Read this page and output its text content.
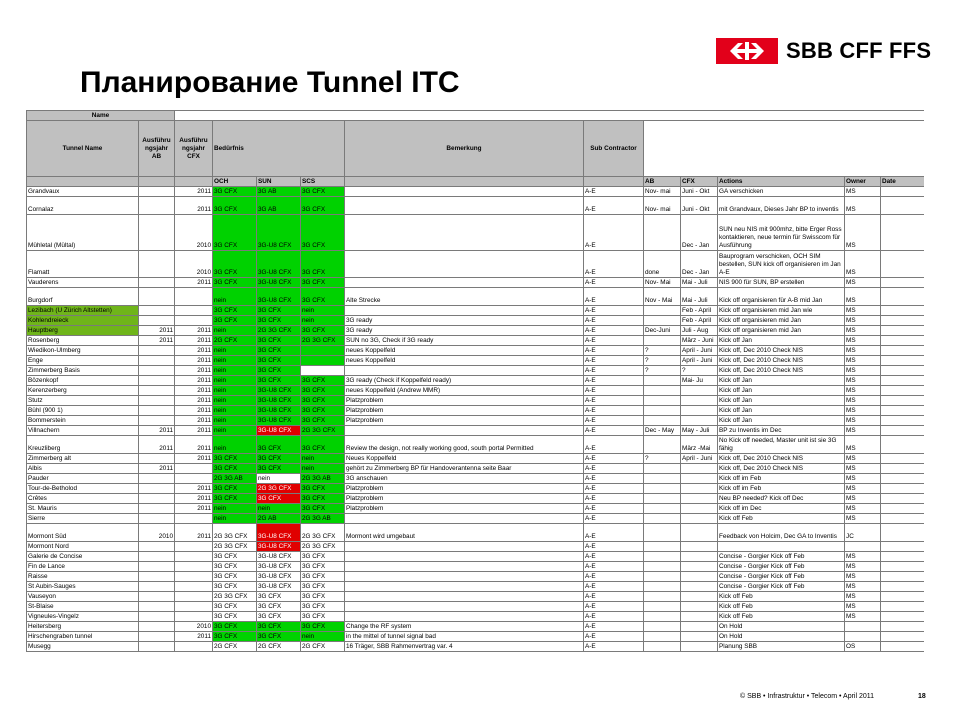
SBB CFF FFS
Планирование Tunnel ITC
Name												
Tunnel Name	Ausführu ngsjahr AB	Ausführu ngsjahr CFX	Bedürfnis			Bemerkung	Sub Contractor					
			OCH	SUN	SCS			AB	CFX	Actions	Owner	Date
Grandvaux		2011	3G CFX	3G AB	3G CFX		A-E	Nov- mai	Juni - Okt	GA verschicken	MS	
Cornalaz		2011	3G CFX	3G AB	3G CFX		A-E	Nov- mai	Juni - Okt	mit Grandvaux, Dieses Jahr BP to inventis	MS	
Mühletal (Mültal)		2010	3G CFX	3G-U8 CFX	3G CFX		A-E		Dec - Jan	SUN neu NIS mit 900mhz, bitte Erger Ross kontaktieren, neue termin für Swisscom für Ausführung	MS	
Flamatt		2010	3G CFX	3G-U8 CFX	3G CFX		A-E	done	Dec - Jan	Bauprogram verschicken, OCH SIM bestellen, SUN kick off organisieren im Jan A-E	MS	
Vauderens		2011	3G CFX	3G-U8 CFX	3G CFX		A-E	Nov- Mai	Mai - Juli	NIS 900 für SUN, BP erstellen	MS	
Burgdorf			nein	3G-U8 CFX	3G CFX	Alte Strecke	A-E	Nov - Mai	Mai - Juli	Kick off organisieren für A-B mid Jan	MS	
Lezibach (U Zürich Altstetten)			3G CFX	3G CFX	nein		A-E		Feb - April	Kick off organisieren mid Jan wie	MS	
Kohlendreieck			3G CFX	3G CFX	nein	3G ready	A-E		Feb - April	Kick off organisieren mid Jan	MS	
Hauptberg	2011	2011	nein	2G 3G CFX	3G CFX	3G ready	A-E	Dec-Juni	Juli - Aug	Kick off organisieren mid Jan	MS	
Rosenberg	2011	2011	2G CFX	3G CFX	2G 3G CFX	SUN no 3G, Check if 3G ready	A-E		März - Juni	Kick off Jan	MS	
Wiedikon-Ulmberg		2011	nein	3G CFX		neues Koppelfeld	A-E	?	April - Juni	Kick off, Dec 2010 Check NIS	MS	
Enge		2011	nein	3G CFX		neues Koppelfeld	A-E	?	April - Juni	Kick off, Dec 2010 Check NIS	MS	
Zimmerberg Basis		2011	nein	3G CFX			A-E	?	?	Kick off, Dec 2010 Check NIS	MS	
Bözenkopf		2011	nein	3G CFX	3G CFX	3G ready (Check if Koppelfeld ready)	A-E		Mai- Ju	Kick off Jan	MS	
Kerenzerberg		2011	nein	3G-U8 CFX	3G CFX	neues Koppelfeld (Andrew MMR)	A-E			Kick off Jan	MS	
Stutz		2011	nein	3G-U8 CFX	3G CFX	Platzproblem	A-E			Kick off Jan	MS	
Bühl (900 1)		2011	nein	3G-U8 CFX	3G CFX	Platzproblem	A-E			Kick off Jan	MS	
Bommerstein		2011	nein	3G-U8 CFX	3G CFX	Platzproblem	A-E			Kick off Jan	MS	
Villnachern	2011	2011	nein	3G-U8 CFX	2G 3G CFX		A-E	Dec - May	May - Juli	BP zu Inventis im Dec	MS	
Kreuzliberg	2011	2011	nein	3G CFX	3G CFX	Review the design, not really working good, south portal Permitted	A-E		März -Mai	No Kick off needed, Master unit ist sie 3G fähig	MS	
Zimmerberg alt		2011	3G CFX	3G CFX	nein	Neues Koppelfeld	A-E	?	April - Juni	Kick off, Dec 2010 Check NIS	MS	
Albis	2011		3G CFX	3G CFX	nein	gehört zu Zimmerberg BP für Handoverantenna seite Baar	A-E			Kick off, Dec 2010 Check NIS	MS	
Pauder			2G 3G AB	nein	2G 3G AB	3G anschauen	A-E			Kick off im Feb	MS	
Tour-de-Betholod		2011	3G CFX	2G 3G CFX	3G CFX	Platzproblem	A-E			Kick off im Feb	MS	
Crêtes		2011	3G CFX	3G CFX	3G CFX	Platzproblem	A-E			Neu BP needed? Kick off Dec	MS	
St. Mauris		2011	nein	nein	3G CFX	Platzproblem	A-E			Kick off im Dec	MS	
Sierre			nein	2G AB	2G 3G AB		A-E			Kick off Feb	MS	
Mormont Süd	2010	2011	2G 3G CFX	3G-U8 CFX	2G 3G CFX	Mormont wird umgebaut	A-E			Feedback von Holcim, Dec GA to Inventis	JC	
Mormont Nord			2G 3G CFX	3G-U8 CFX	2G 3G CFX		A-E					
Galerie de Concise			3G CFX	3G-U8 CFX	3G CFX		A-E			Concise - Gorgier Kick off Feb	MS	
Fin de Lance			3G CFX	3G-U8 CFX	3G CFX		A-E			Concise - Gorgier Kick off Feb	MS	
Raisse			3G CFX	3G-U8 CFX	3G CFX		A-E			Concise - Gorgier Kick off Feb	MS	
St Aubin-Sauges			3G CFX	3G-U8 CFX	3G CFX		A-E			Concise - Gorgier Kick off Feb	MS	
Vauseyon			2G 3G CFX	3G CFX	3G CFX		A-E			Kick off Feb	MS	
St-Blaise			3G CFX	3G CFX	3G CFX		A-E			Kick off Feb	MS	
Vigneules-Vingelz			3G CFX	3G CFX	3G CFX		A-E			Kick off Feb	MS	
Heitersberg		2010	3G CFX	3G CFX	3G CFX	Change the RF system	A-E			On Hold		
Hirschengraben tunnel		2011	3G CFX	3G CFX	nein	in the mittel of tunnel signal bad	A-E			On Hold		
Musegg			2G CFX	2G CFX	2G CFX	16 Träger, SBB Rahmenvertrag var. 4	A-E			Planung SBB	OS	
© SBB • Infrastruktur • Telecom • April 2011	18
